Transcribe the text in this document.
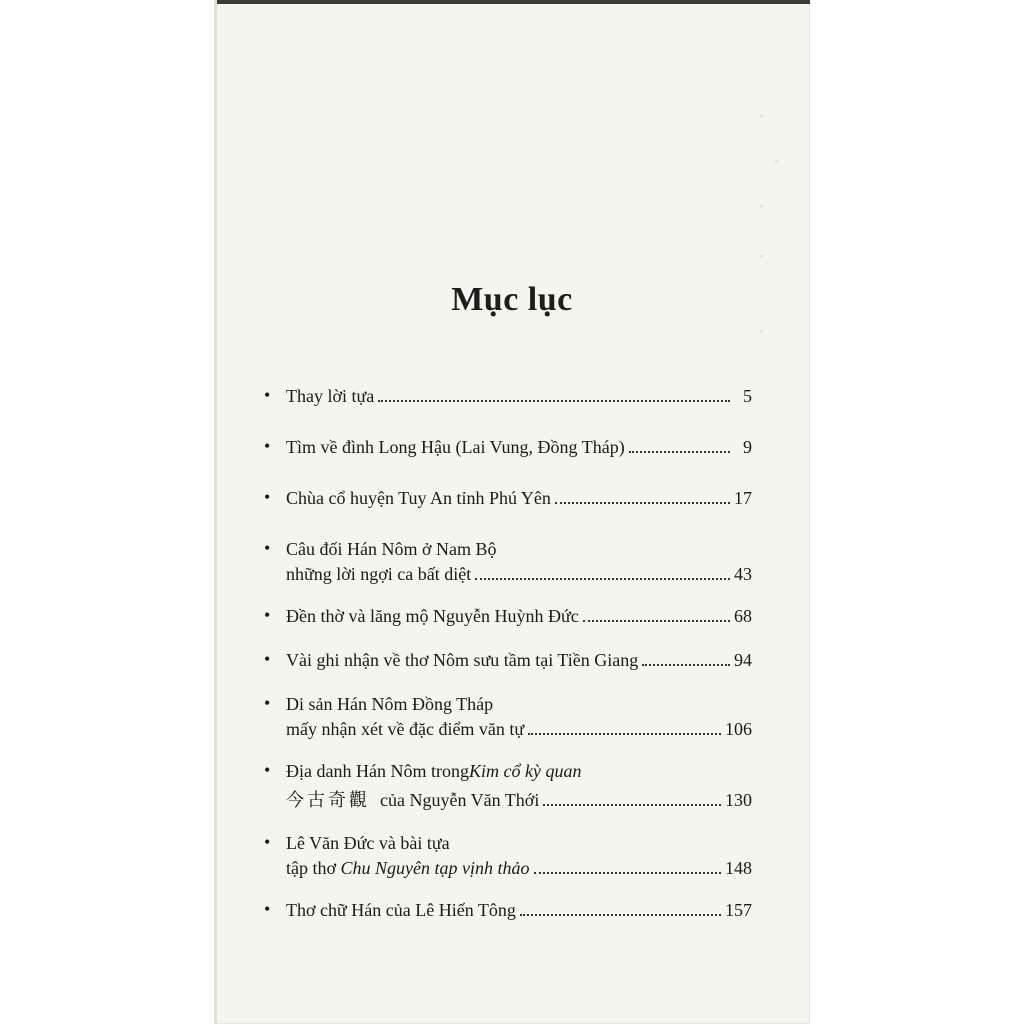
•
•
•
•
•
Mục lục
• Thay lời tựa	5
• Tìm về đình Long Hậu (Lai Vung, Đồng Tháp)	9
• Chùa cổ huyện Tuy An tỉnh Phú Yên	17
• Câu đối Hán Nôm ở Nam Bộ
những lời ngợi ca bất diệt	43
• Đền thờ và lăng mộ Nguyễn Huỳnh Đức	68
• Vài ghi nhận về thơ Nôm sưu tầm tại Tiền Giang	94
• Di sản Hán Nôm Đồng Tháp
mấy nhận xét về đặc điểm văn tự	106
• Địa danh Hán Nôm trong Kim cổ kỳ quan
今古奇觀 của Nguyễn Văn Thới	130
• Lê Văn Đức và bài tựa
tập thơ
Chu Nguyên tạp vịnh thảo	148
• Thơ chữ Hán của Lê Hiến Tông	157
